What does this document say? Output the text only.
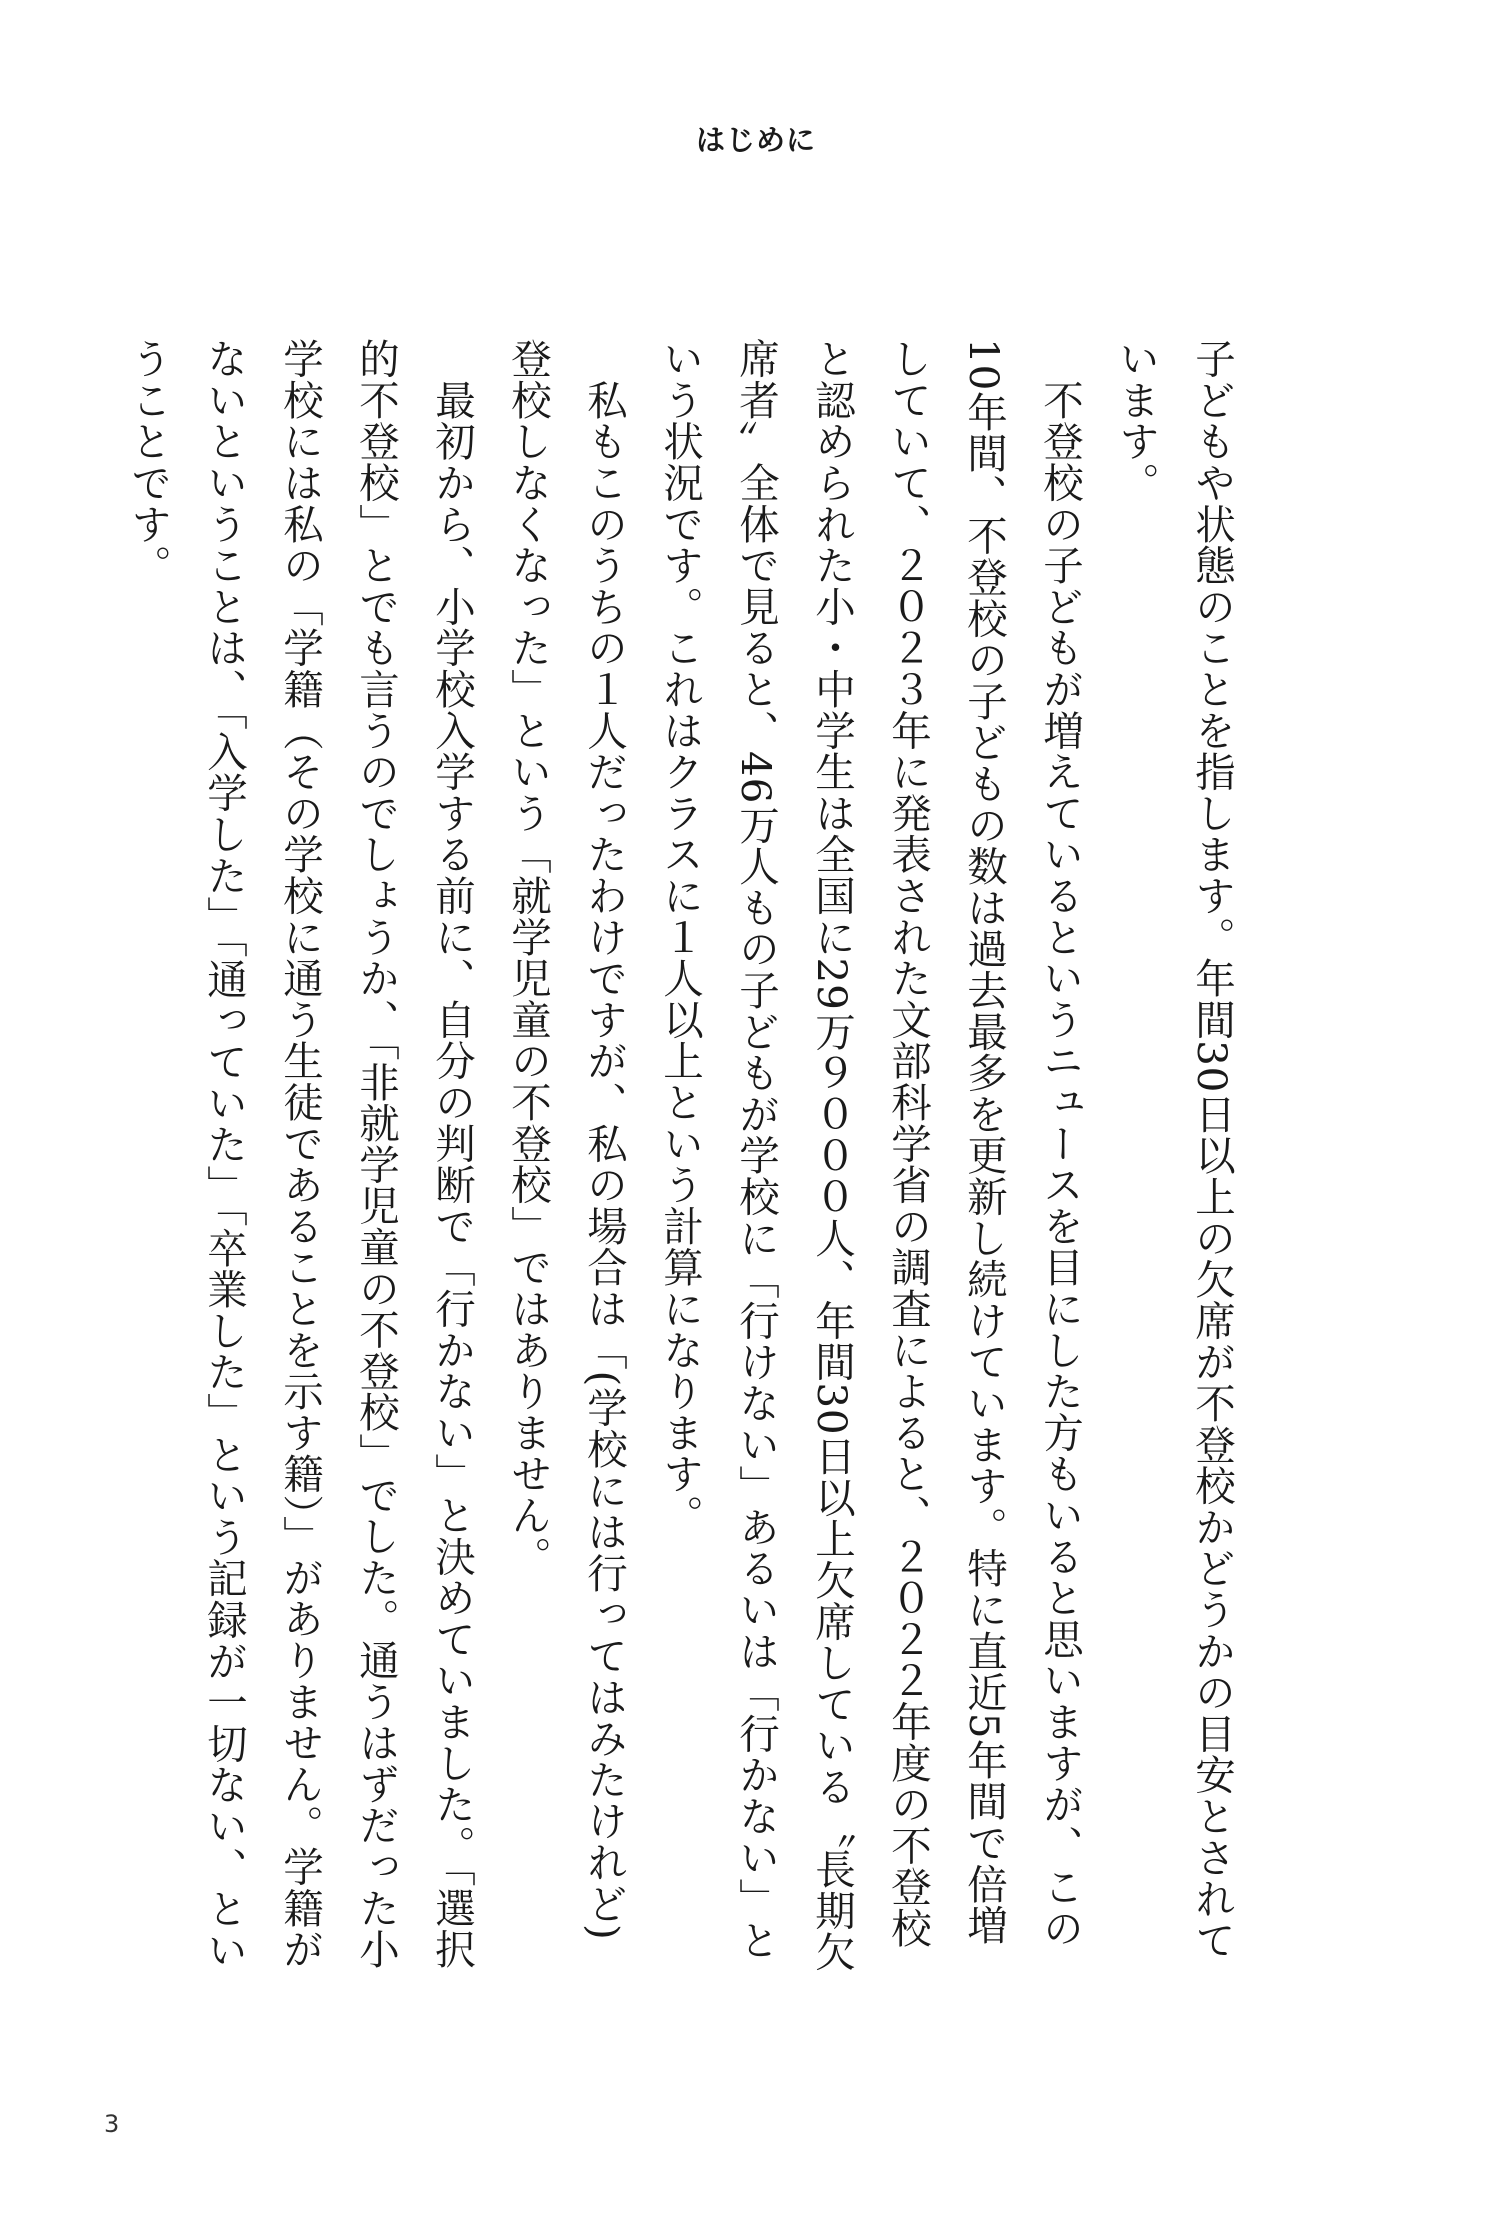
はじめに

子どもや状態のことを指します。年間30日以上の欠席が不登校かどうかの目安とされています。

　不登校の子どもが増えているというニュースを目にした方もいると思いますが、この10年間、不登校の子どもの数は過去最多を更新し続けています。特に直近5年間で倍増していて、２０２３年に発表された文部科学省の調査によると、２０２２年度の不登校と認められた小・中学生は全国に29万９０００人、年間30日以上欠席している〝長期欠席者〟全体で見ると、46万人もの子どもが学校に「行けない」あるいは「行かない」という状況です。これはクラスに１人以上という計算になります。

　私もこのうちの１人だったわけですが、私の場合は「(学校には行ってはみたけれど)登校しなくなった」という「就学児童の不登校」ではありません。

　最初から、小学校入学する前に、自分の判断で「行かない」と決めていました。「選択的不登校」とでも言うのでしょうか、「非就学児童の不登校」でした。通うはずだった小学校には私の「学籍（その学校に通う生徒であることを示す籍）」がありません。学籍がないということは、「入学した」「通っていた」「卒業した」という記録が一切ない、ということです。

3
